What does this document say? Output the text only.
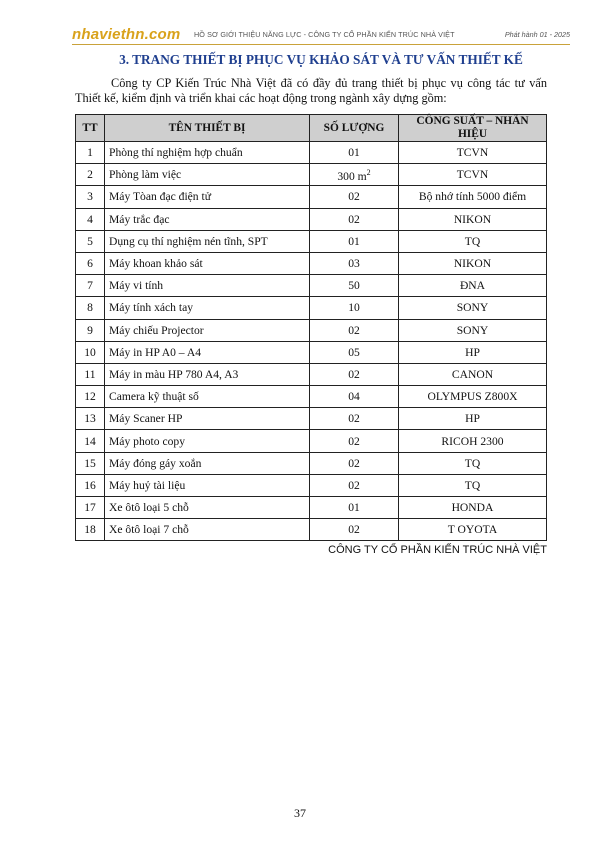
nhaviethn.com HỒ SƠ GIỚI THIỆU NĂNG LỰC - CÔNG TY CỔ PHẦN KIẾN TRÚC NHÀ VIỆT	Phát hành 01 - 2025
3. TRANG THIẾT BỊ PHỤC VỤ KHẢO SÁT VÀ TƯ VẤN THIẾT KẾ

Công ty CP Kiến Trúc Nhà Việt đã có đầy đủ trang thiết bị phục vụ công tác tư vấn Thiết kế, kiểm định và triển khai các hoạt động trong ngành xây dựng gồm:

TT	TÊN THIẾT BỊ	SỐ LƯỢNG	CÔNG SUẤT – NHÃN HIỆU
1	Phòng thí nghiệm hợp chuẩn	01	TCVN
2	Phòng làm việc	300 $m^2$	TCVN
3	Máy Tòan đạc điện tử	02	Bộ nhớ tính 5000 điểm
4	Máy trắc đạc	02	NIKON
5	Dụng cụ thí nghiệm nén tĩnh, SPT	01	TQ
6	Máy khoan khảo sát	03	NIKON
7	Máy vi tính	50	ĐNA
8	Máy tính xách tay	10	SONY
9	Máy chiếu Projector	02	SONY
10	Máy in HP A0 – A4	05	HP
11	Máy in màu HP 780 A4, A3	02	CANON
12	Camera kỹ thuật số	04	OLYMPUS Z800X
13	Máy Scaner HP	02	HP
14	Máy photo copy	02	RICOH 2300
15	Máy đóng gáy xoắn	02	TQ
16	Máy huỷ tài liệu	02	TQ
17	Xe ôtô loại 5 chỗ	01	HONDA
18	Xe ôtô loại 7 chỗ	02	T OYOTA
CÔNG TY CỔ PHẦN KIẾN TRÚC NHÀ VIỆT
37
